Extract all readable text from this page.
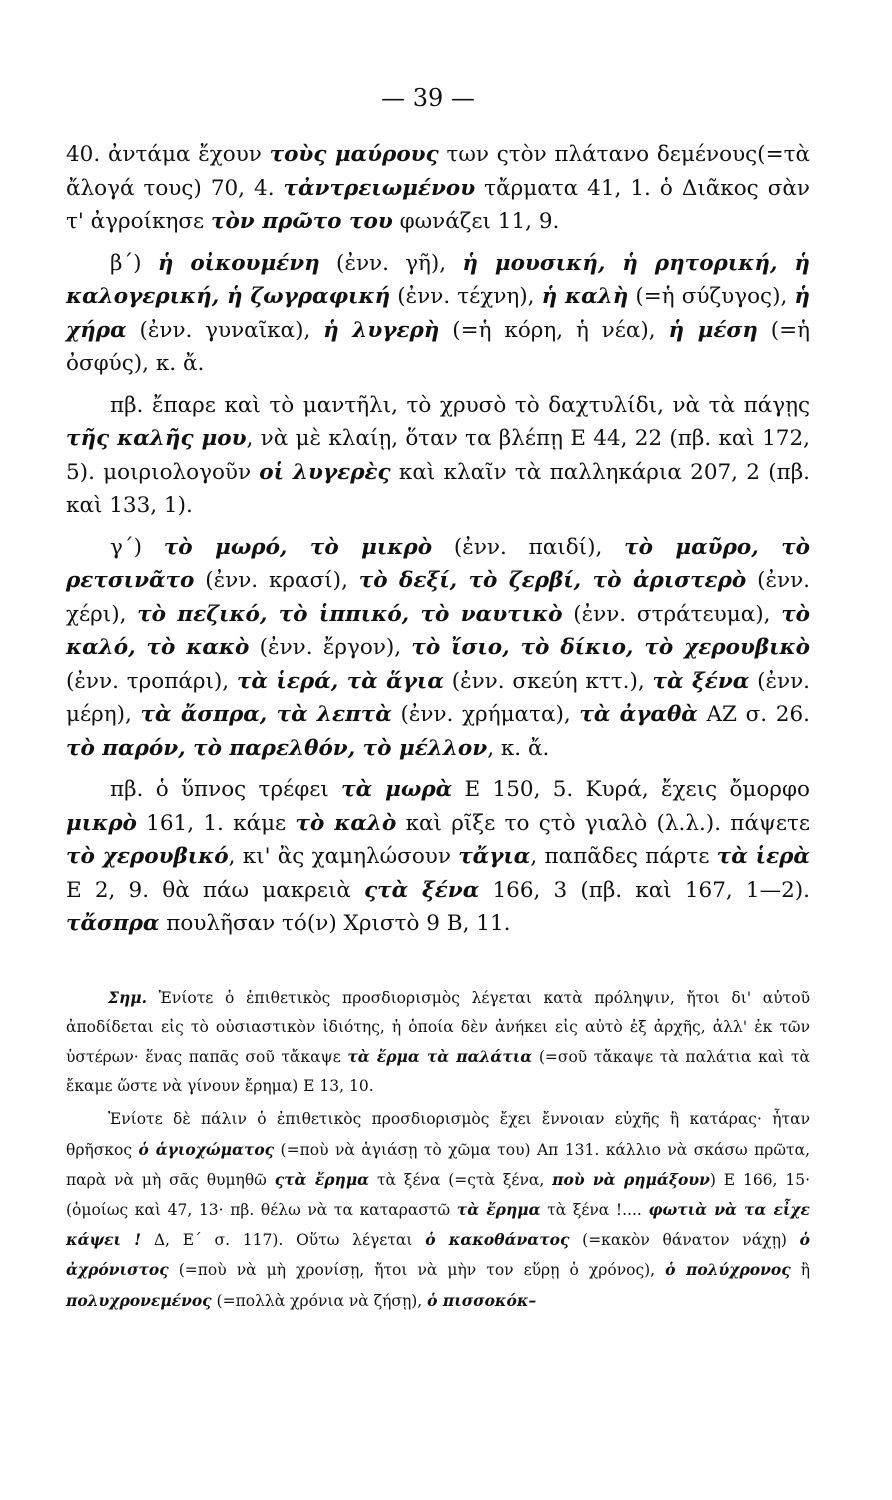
— 39 —

40. ἀντάμα ἔχουν τοὺς μαύρους των ςτὸν πλάτανο δεμένους(=τὰ ἄλογά τους) 70, 4. τἀντρειωμένου τἄρματα 41, 1. ὁ Διᾶκος σὰν τ' ἀγροίκησε τὸν πρῶτο του φωνάζει 11, 9.

β΄) ἡ οἰκουμένη (ἐνν. γῆ), ἡ μουσική, ἡ ρητορική, ἡ καλογερική, ἡ ζωγραφική (ἐνν. τέχνη), ἡ καλὴ (=ἡ σύζυγος), ἡ χήρα (ἐνν. γυναῖκα), ἡ λυγερὴ (=ἡ κόρη, ἡ νέα), ἡ μέση (=ἡ ὀσφύς), κ. ἄ.

πβ. ἔπαρε καὶ τὸ μαντῆλι, τὸ χρυσὸ τὸ δαχτυλίδι, νὰ τὰ πάγῃς τῆς καλῆς μου, νὰ μὲ κλαίῃ, ὅταν τα βλέπῃ Ε 44, 22 (πβ. καὶ 172, 5). μοιριολογοῦν οἱ λυγερὲς καὶ κλαῖν τὰ παλληκάρια 207, 2 (πβ. καὶ 133, 1).

γ΄) τὸ μωρό, τὸ μικρὸ (ἐνν. παιδί), τὸ μαῦρο, τὸ ρετσινᾶτο (ἐνν. κρασί), τὸ δεξί, τὸ ζερβί, τὸ ἀριστερὸ (ἐνν. χέρι), τὸ πεζικό, τὸ ἱππικό, τὸ ναυτικὸ (ἐνν. στράτευμα), τὸ καλό, τὸ κακὸ (ἐνν. ἔργον), τὸ ἴσιο, τὸ δίκιο, τὸ χερουβικὸ (ἐνν. τροπάρι), τὰ ἱερά, τὰ ἅγια (ἐνν. σκεύη κττ.), τὰ ξένα (ἐνν. μέρη), τὰ ἄσπρα, τὰ λεπτὰ (ἐνν. χρήματα), τὰ ἀγαθὰ ΑΖ σ. 26. τὸ παρόν, τὸ παρελθόν, τὸ μέλλον, κ. ἄ.

πβ. ὁ ὕπνος τρέφει τὰ μωρὰ Ε 150, 5. Κυρά, ἔχεις ὄμορφο μικρὸ 161, 1. κάμε τὸ καλὸ καὶ ρῖξε το ςτὸ γιαλὸ (λ.λ.). πάψετε τὸ χερουβικό, κι' ἂς χαμηλώσουν τἄγια, παπᾶδες πάρτε τὰ ἱερὰ Ε 2, 9. θὰ πάω μακρειὰ ςτὰ ξένα 166, 3 (πβ. καὶ 167, 1—2). τἄσπρα πουλῆσαν τό(ν) Χριστὸ 9 Β, 11.

Σημ. Ἐνίοτε ὁ ἐπιθετικὸς προσδιορισμὸς λέγεται κατὰ πρόληψιν, ἤτοι δι' αὐτοῦ ἀποδίδεται εἰς τὸ οὐσιαστικὸν ἰδιότης, ἡ ὁποία δὲν ἀνήκει εἰς αὐτὸ ἐξ ἀρχῆς, ἀλλ' ἐκ τῶν ὑστέρων· ἕνας παπᾶς σοῦ τἄκαψε τὰ ἔρμα τὰ παλάτια (=σοῦ τἄκαψε τὰ παλάτια καὶ τὰ ἔκαμε ὥστε νὰ γίνουν ἔρημα) Ε 13, 10.

Ἐνίοτε δὲ πάλιν ὁ ἐπιθετικὸς προσδιορισμὸς ἔχει ἔννοιαν εὐχῆς ἢ κατάρας· ἦταν θρῆσκος ὁ ἁγιοχώματος (=ποὺ νὰ ἁγιάσῃ τὸ χῶμα του) Απ 131. κάλλιο νὰ σκάσω πρῶτα, παρὰ νὰ μὴ σᾶς θυμηθῶ ςτὰ ἔρημα τὰ ξένα (=ςτὰ ξένα, ποὺ νὰ ρημάξουν) Ε 166, 15· (ὁμοίως καὶ 47, 13· πβ. θέλω νὰ τα καταραστῶ τὰ ἔρημα τὰ ξένα !.... φωτιὰ νὰ τα εἶχε κάψει ! Δ, Ε΄ σ. 117). Οὕτω λέγεται ὁ κακοθάνατος (=κακὸν θάνατον νάχῃ) ὁ ἀχρόνιστος (=ποὺ νὰ μὴ χρονίσῃ, ἤτοι νὰ μὴν τον εὕρῃ ὁ χρόνος), ὁ πολύχρονος ἢ πολυχρονεμένος (=πολλὰ χρόνια νὰ ζήσῃ), ὁ πισσοκόκ–
